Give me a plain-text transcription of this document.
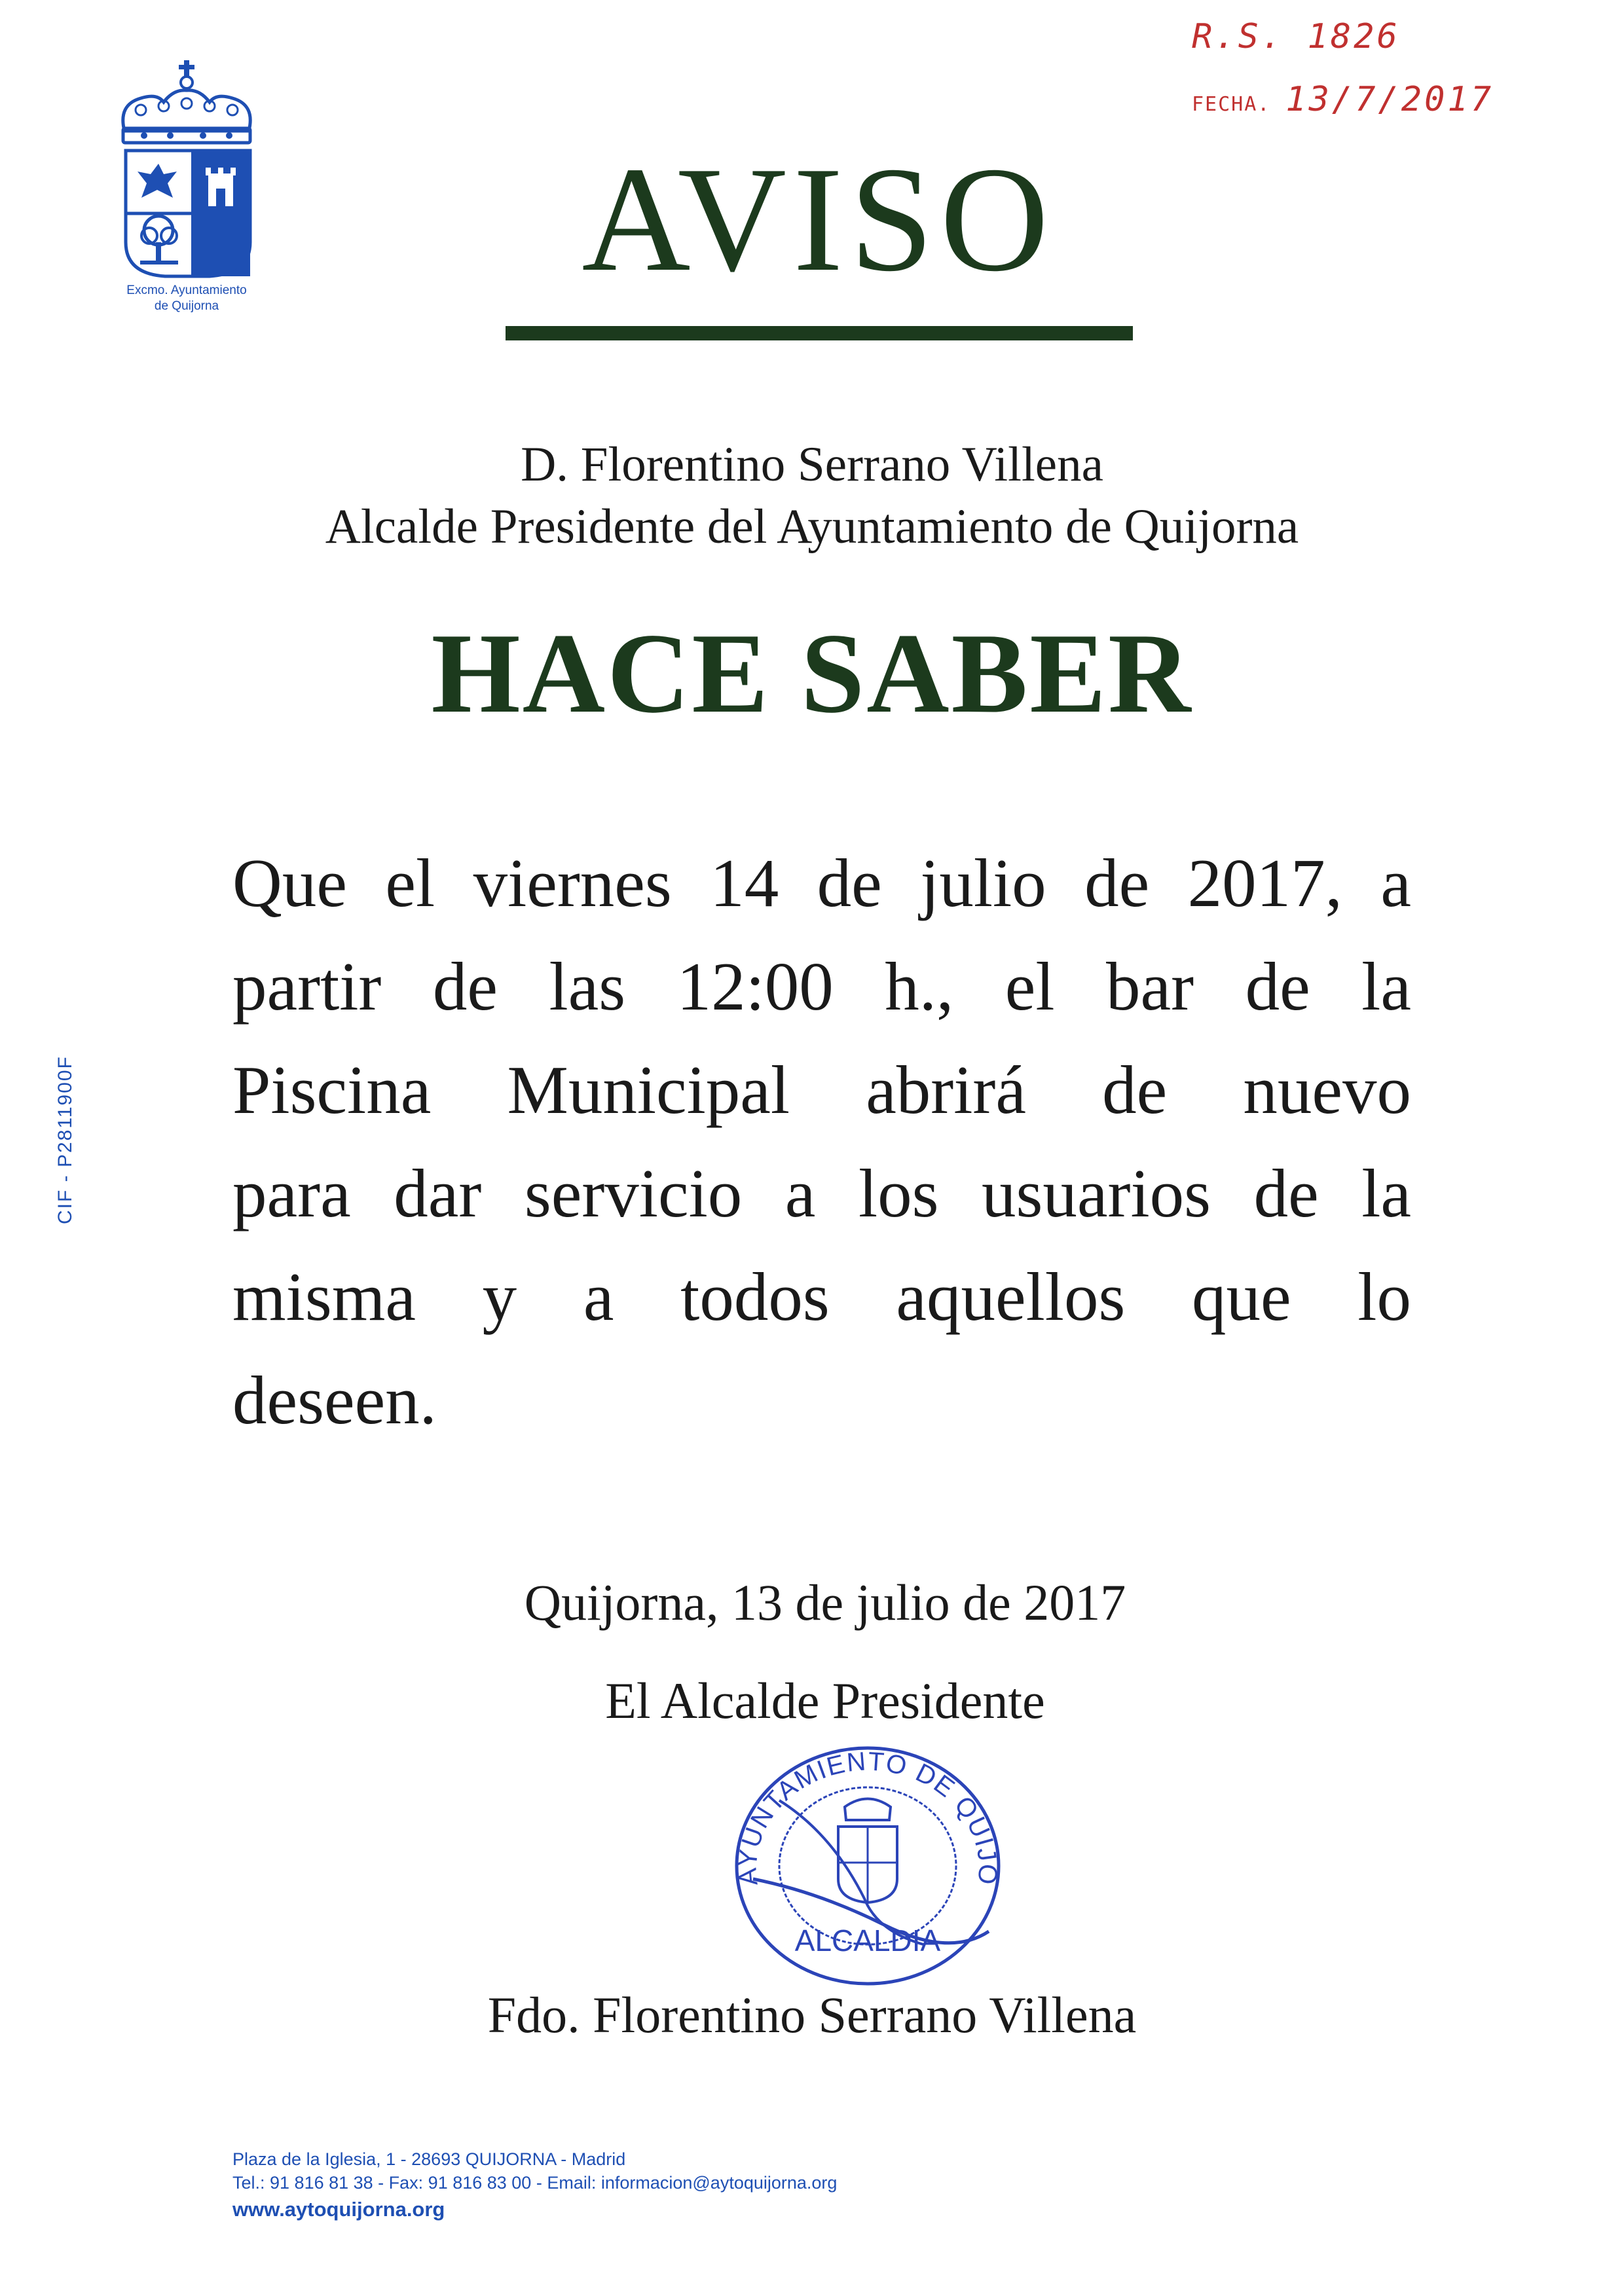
Excmo. Ayuntamiento
de Quijorna
R.S. 1826
FECHA. 13/7/2017
AVISO
D. Florentino Serrano Villena
Alcalde Presidente del Ayuntamiento de Quijorna
HACE SABER
Que el viernes 14 de julio de 2017, a
partir de las 12:00 h., el bar de la
Piscina Municipal abrirá de nuevo
para dar servicio a los usuarios de la
misma y a todos aquellos que lo
deseen.
Quijorna, 13 de julio de 2017
El Alcalde Presidente
AYUNTAMIENTO DE QUIJO
ALCALDIA
Fdo. Florentino Serrano Villena
CIF - P2811900F
Plaza de la Iglesia, 1 - 28693 QUIJORNA - Madrid
Tel.: 91 816 81 38 - Fax: 91 816 83 00 - Email: informacion@aytoquijorna.org
www.aytoquijorna.org
